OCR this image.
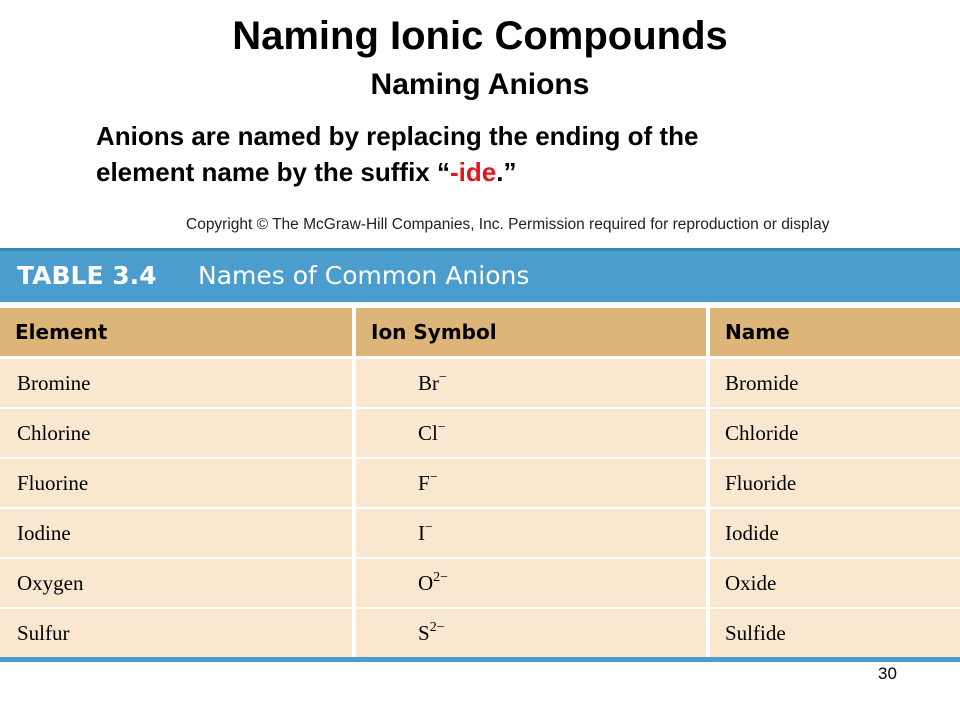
Naming Ionic Compounds
Naming Anions
Anions are named by replacing the ending of the
element name by the suffix “-ide.”
Copyright © The McGraw-Hill Companies, Inc. Permission required for reproduction or display
TABLE 3.4 Names of Common Anions
Element	Ion Symbol	Name
Bromine	Br−	Bromide
Chlorine	Cl−	Chloride
Fluorine	F−	Fluoride
Iodine	I−	Iodide
Oxygen	$O^{2-}$	Oxide
Sulfur	$S^{2-}$	Sulfide
30
